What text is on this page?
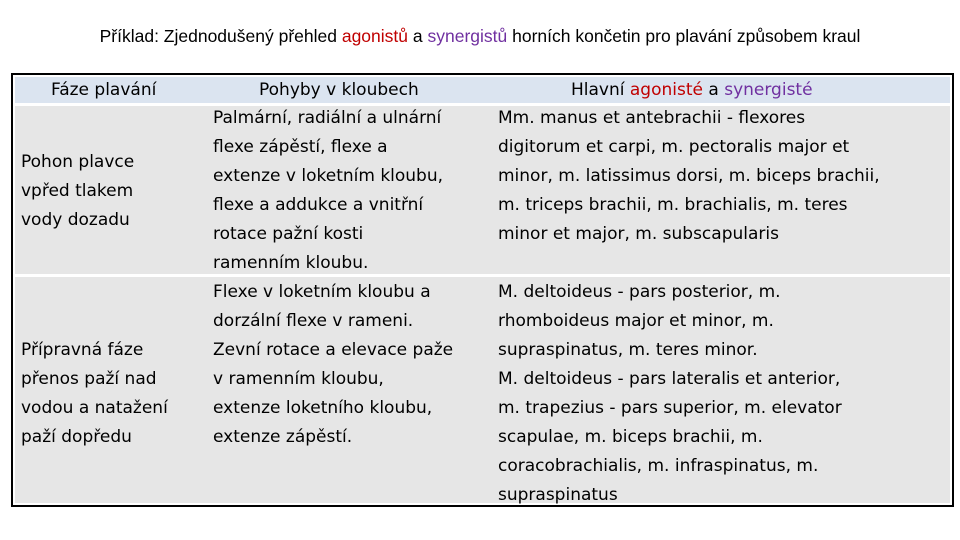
Příklad: Zjednodušený přehled agonistů a synergistů horních končetin pro plavání způsobem kraul
Fáze plavání	Pohyby v kloubech	Hlavní agonisté a synergisté
Pohon plavce
vpřed tlakem
vody dozadu
Palmární, radiální a ulnární
flexe zápěstí, flexe a
extenze v loketním kloubu,
flexe a addukce a vnitřní
rotace pažní kosti
ramenním kloubu.
Mm. manus et antebrachii - flexores
digitorum et carpi, m. pectoralis major et
minor, m. latissimus dorsi, m. biceps brachii,
m. triceps brachii, m. brachialis, m. teres
minor et major, m. subscapularis
Přípravná fáze
přenos paží nad
vodou a natažení
paží dopředu
Flexe v loketním kloubu a
dorzální flexe v rameni.
Zevní rotace a elevace paže
v ramenním kloubu,
extenze loketního kloubu,
extenze zápěstí.
M. deltoideus - pars posterior, m.
rhomboideus major et minor, m.
supraspinatus, m. teres minor.
M. deltoideus - pars lateralis et anterior,
m. trapezius - pars superior, m. elevator
scapulae, m. biceps brachii, m.
coracobrachialis, m. infraspinatus, m.
supraspinatus
